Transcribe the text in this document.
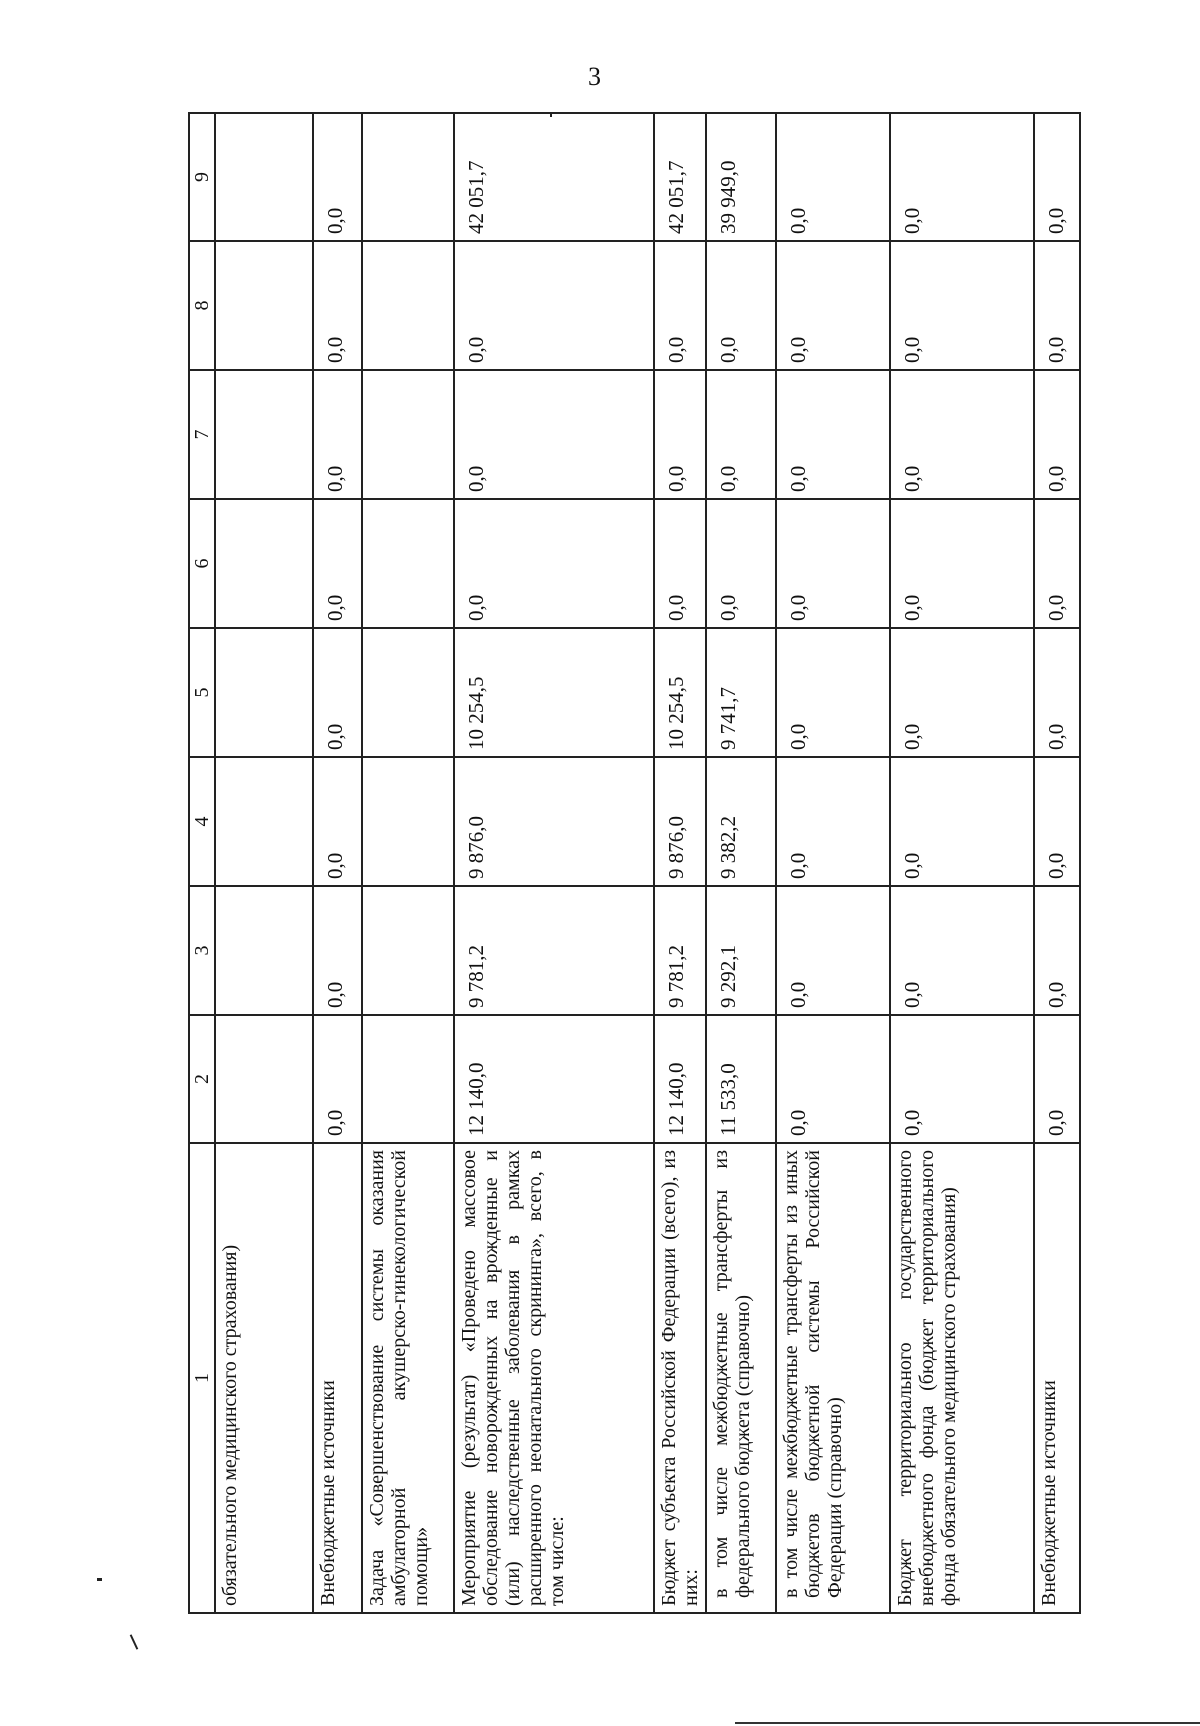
3
1	2	3	4	5	6	7	8	9
обязательного медицинского страхования)								
Внебюджетные источники	0,0	0,0	0,0	0,0	0,0	0,0	0,0	0,0
Задача «Совершенствование системы оказания амбулаторной акушерско-гинекологической помощи»								
Мероприятие (результат) «Проведено массовое обследование новорожденных на врожденные и (или) наследственные заболевания в рамках расширенного неонатального скрининга», всего, в том числе:	12 140,0	9 781,2	9 876,0	10 254,5	0,0	0,0	0,0	42 051,7
Бюджет субъекта Российской Федерации (всего), из них:	12 140,0	9 781,2	9 876,0	10 254,5	0,0	0,0	0,0	42 051,7
в том числе межбюджетные трансферты из федерального бюджета (справочно)	11 533,0	9 292,1	9 382,2	9 741,7	0,0	0,0	0,0	39 949,0
в том числе межбюджетные трансферты из иных бюджетов бюджетной системы Российской Федерации (справочно)	0,0	0,0	0,0	0,0	0,0	0,0	0,0	0,0
Бюджет территориального государственного внебюджетного фонда (бюджет территориального фонда обязательного медицинского страхования)	0,0	0,0	0,0	0,0	0,0	0,0	0,0	0,0
Внебюджетные источники	0,0	0,0	0,0	0,0	0,0	0,0	0,0	0,0
